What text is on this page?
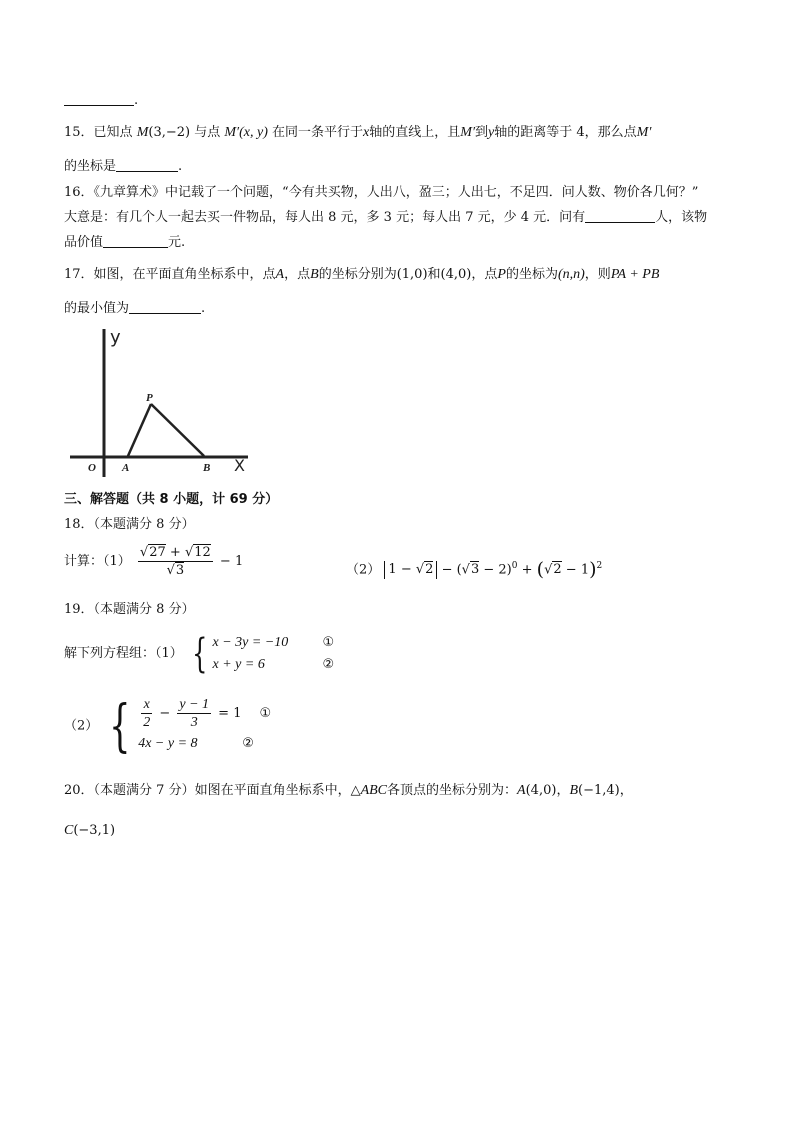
.
15．已知点 M(3,−2) 与点 M′(x, y) 在同一条平行于x轴的直线上，且M′到y轴的距离等于 4，那么点M′
的坐标是	.
16．《九章算术》中记载了一个问题，“今有共买物，人出八，盈三；人出七，不足四．问人数、物价各几何？”
大意是：有几个人一起去买一件物品，每人出 8 元，多 3 元；每人出 7 元，少 4 元．问有	人，该物
品价值	元.
17．如图，在平面直角坐标系中，点A，点B的坐标分别为(1,0)和(4,0)，点P的坐标为(n,n)，则PA + PB
的最小值为	.
y
X
O A	B
P
三、解答题（共 8 小题，计 69 分）
18．（本题满分 8 分）
计算：$(1) \frac{√27 + √12}{√3} - 1$
（2） $1 - √2 - (√3 - 2)^0 + (√2 - 1)^2$
19．（本题满分 8 分）
解下列方程组：（1） { x − 3y = −10	①
x + y = 6	②
（2） { $\frac{x}{2} - \frac{y - 1}{3} = 1$ ①
4x − y = 8	②
20．（本题满分 7 分）如图在平面直角坐标系中，△ABC各顶点的坐标分别为：A(4,0)，B(−1,4)，
C(−3,1)
